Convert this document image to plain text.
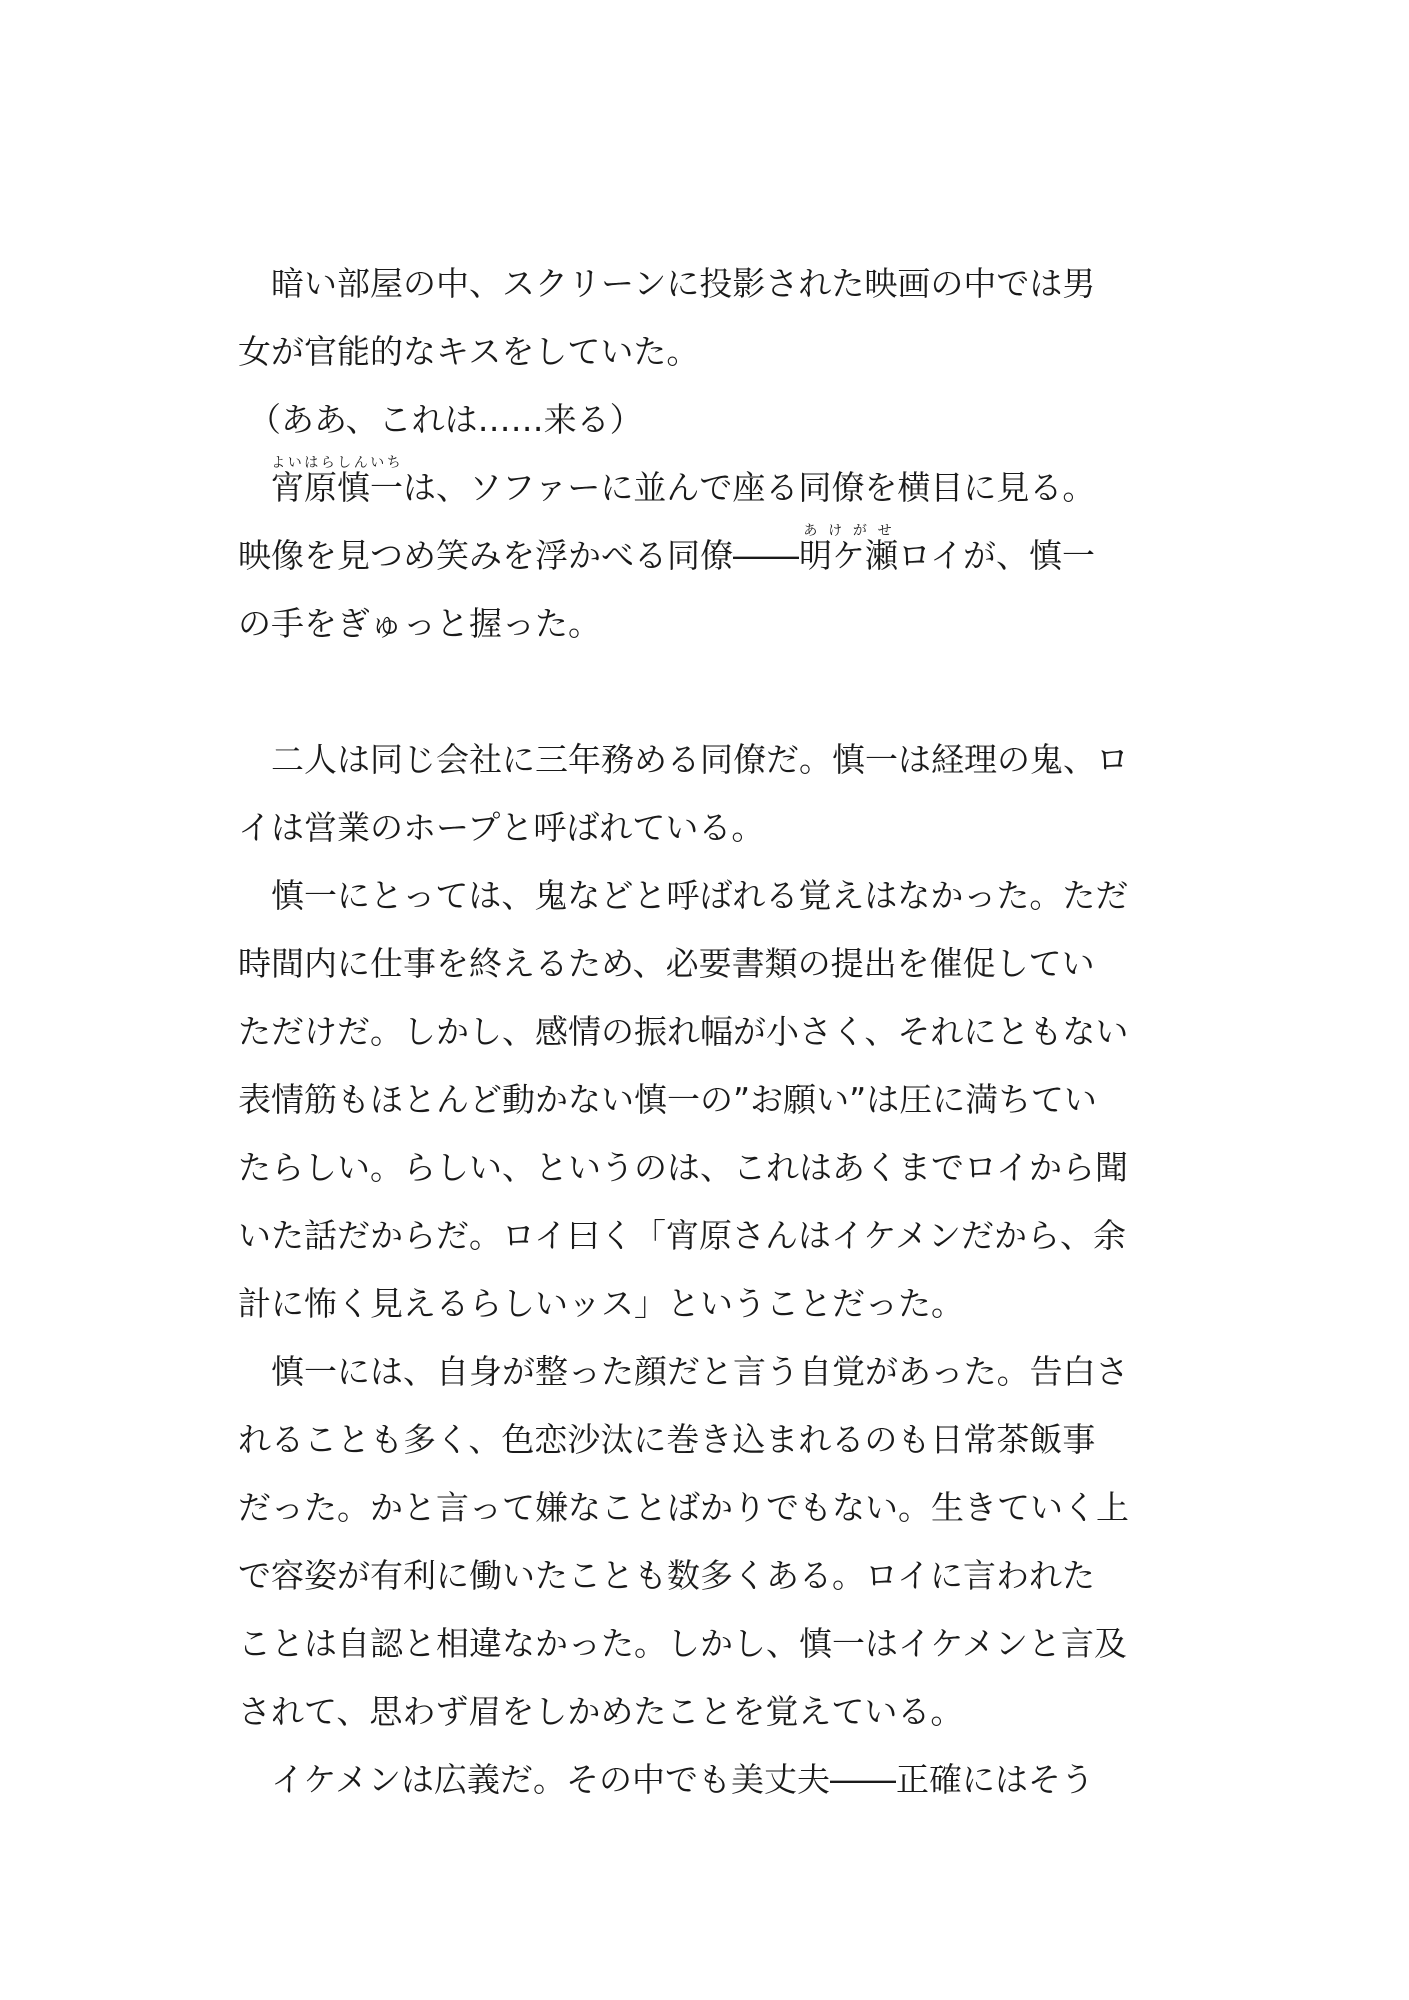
暗い部屋の中、スクリーンに投影された映画の中では男
女が官能的なキスをしていた。
（ああ、これは……来る）
宵原慎一よいはらしんいちは、ソファーに並んで座る同僚を横目に見る。
映像を見つめ笑みを浮かべる同僚――明ケ瀬あけがせロイが、慎一
の手をぎゅっと握った。
二人は同じ会社に三年務める同僚だ。慎一は経理の鬼、ロ
イは営業のホープと呼ばれている。
慎一にとっては、鬼などと呼ばれる覚えはなかった。ただ
時間内に仕事を終えるため、必要書類の提出を催促してい
ただけだ。しかし、感情の振れ幅が小さく、それにともない
表情筋もほとんど動かない慎一の”お願い”は圧に満ちてい
たらしい。らしい、というのは、これはあくまでロイから聞
いた話だからだ。ロイ曰く「宵原さんはイケメンだから、余
計に怖く見えるらしいッス」ということだった。
慎一には、自身が整った顔だと言う自覚があった。告白さ
れることも多く、色恋沙汰に巻き込まれるのも日常茶飯事
だった。かと言って嫌なことばかりでもない。生きていく上
で容姿が有利に働いたことも数多くある。ロイに言われた
ことは自認と相違なかった。しかし、慎一はイケメンと言及
されて、思わず眉をしかめたことを覚えている。
イケメンは広義だ。その中でも美丈夫――正確にはそう
